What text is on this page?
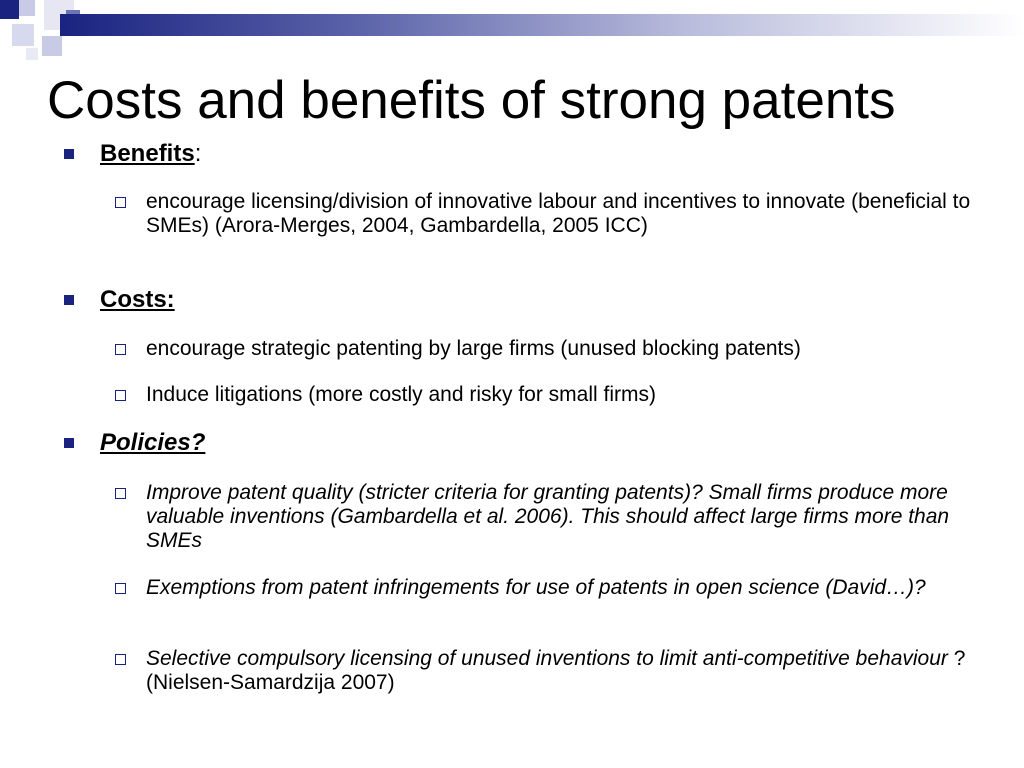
Costs and benefits of strong patents
Benefits:
encourage licensing/division of innovative labour and incentives to innovate (beneficial to SMEs) (Arora-Merges, 2004, Gambardella, 2005 ICC)
Costs:
encourage strategic patenting by large firms (unused blocking patents)
Induce litigations (more costly and risky for small firms)
Policies?
Improve patent quality (stricter criteria for granting patents)? Small firms produce more valuable inventions (Gambardella et al. 2006). This should affect large firms more than SMEs
Exemptions from patent infringements for use of patents in open science (David…)?
Selective compulsory licensing of unused inventions to limit anti-competitive behaviour ? (Nielsen-Samardzija 2007)
